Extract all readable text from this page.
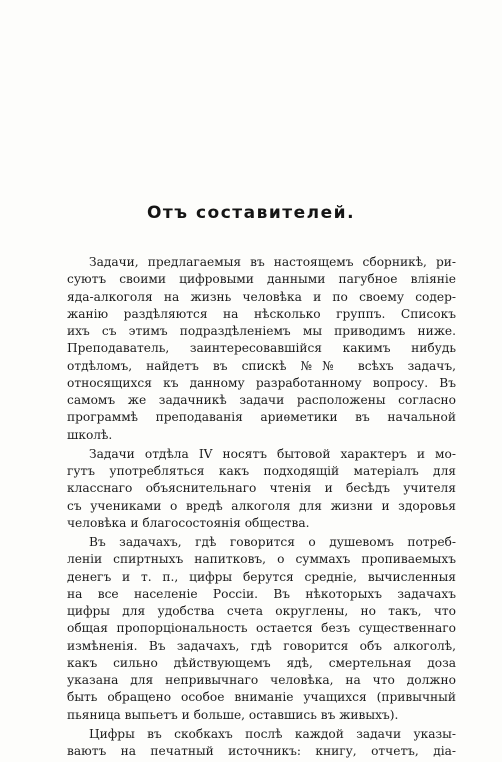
Отъ составителей.
Задачи, предлагаемыя въ настоящемъ сборникѣ, ри-
суютъ своими цифровыми данными пагубное вліяніе
яда-алкоголя на жизнь человѣка и по своему содер-
жанію раздѣляются на нѣсколько группъ. Списокъ
ихъ съ этимъ подраздѣленіемъ мы приводимъ ниже.
Преподаватель, заинтересовавшійся какимъ нибудь
отдѣломъ, найдетъ въ спискѣ №№ всѣхъ задачъ,
относящихся къ данному разработанному вопросу. Въ
самомъ же задачникѣ задачи расположены согласно
программѣ преподаванія ариѳметики въ начальной
школѣ.
Задачи отдѣла IV носятъ бытовой характеръ и мо-
гутъ употребляться какъ подходящій матеріалъ для
класснаго объяснительнаго чтенія и бесѣдъ учителя
съ учениками о вредѣ алкоголя для жизни и здоровья
человѣка и благосостоянія общества.
Въ задачахъ, гдѣ говорится о душевомъ потреб-
леніи спиртныхъ напитковъ, о суммахъ пропиваемыхъ
денегъ и т. п., цифры берутся средніе, вычисленныя
на все населеніе Россіи. Въ нѣкоторыхъ задачахъ
цифры для удобства счета округлены, но такъ, что
общая пропорціональность остается безъ существеннаго
измѣненія. Въ задачахъ, гдѣ говорится объ алкоголѣ,
какъ сильно дѣйствующемъ ядѣ, смертельная доза
указана для непривычнаго человѣка, на что должно
быть обращено особое вниманіе учащихся (привычный
пьяница выпьетъ и больше, оставшись въ живыхъ).
Цифры въ скобкахъ послѣ каждой задачи указы-
ваютъ на печатный источникъ: книгу, отчетъ, діа-
